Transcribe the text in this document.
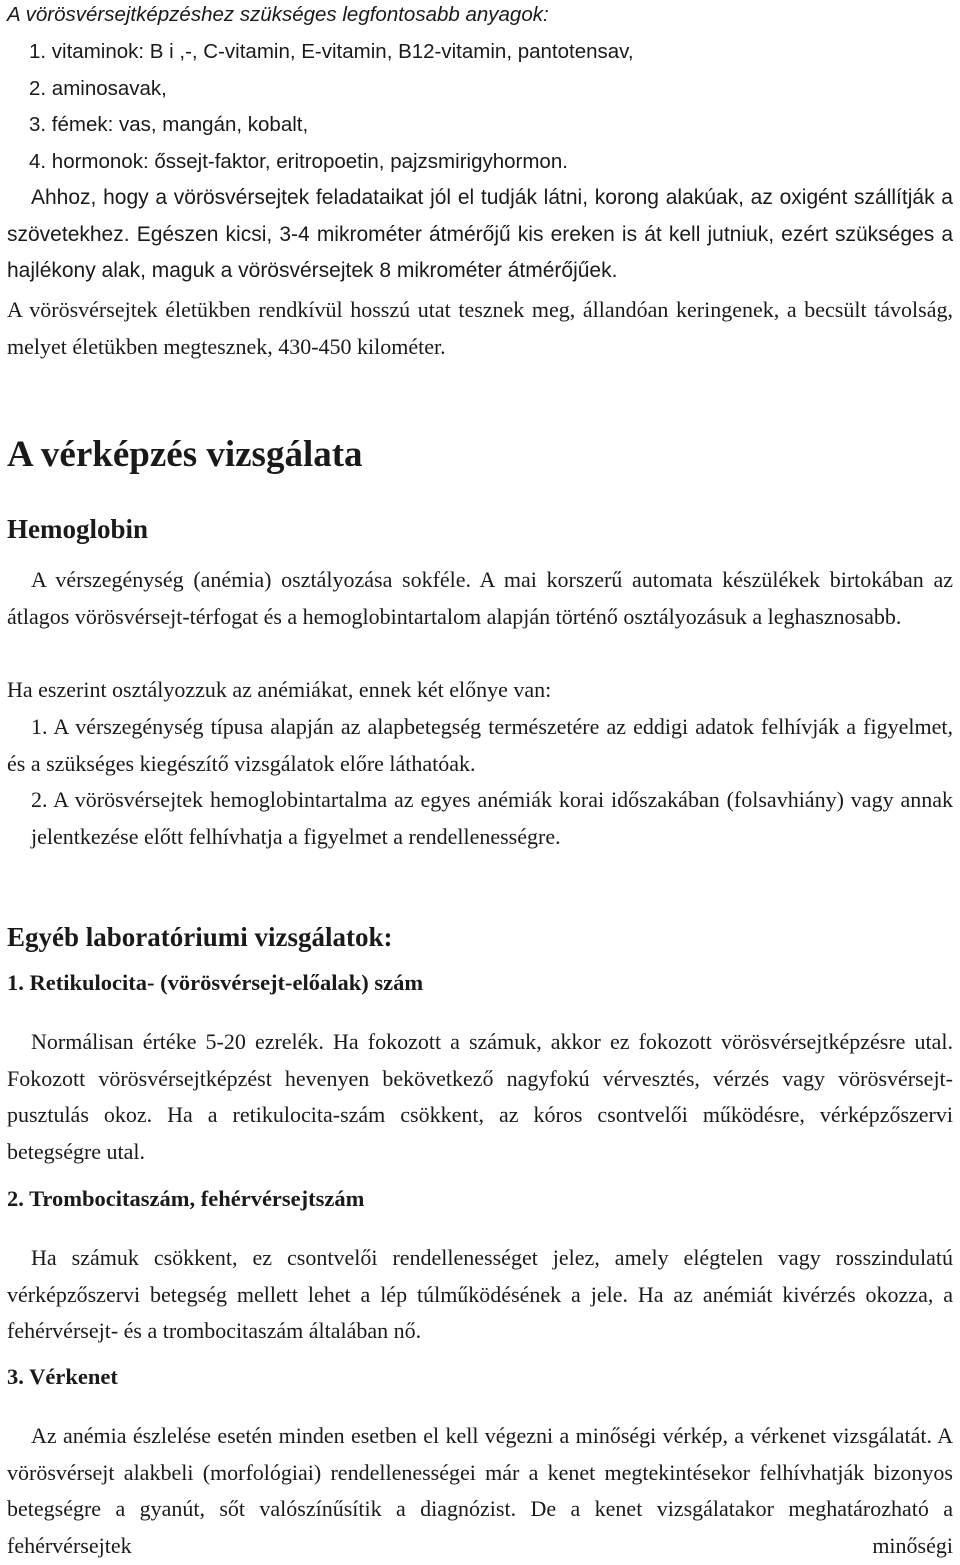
A vörösvérsejtképzéshez szükséges legfontosabb anyagok:
1. vitaminok: B i ,-, C-vitamin, E-vitamin, B12-vitamin, pantotensav,
2. aminosavak,
3. fémek: vas, mangán, kobalt,
4. hormonok: őssejt-faktor, eritropoetin, pajzsmirigyhormon.

Ahhoz, hogy a vörösvérsejtek feladataikat jól el tudják látni, korong alakúak, az oxigént szállítják a szövetekhez. Egészen kicsi, 3-4 mikrométer átmérőjű kis ereken is át kell jutniuk, ezért szükséges a hajlékony alak, maguk a vörösvérsejtek 8 mikrométer átmérőjűek.

A vörösvérsejtek életükben rendkívül hosszú utat tesznek meg, állandóan keringenek, a becsült távolság, melyet életükben megtesznek, 430-450 kilométer.

A vérképzés vizsgálata
Hemoglobin

A vérszegénység (anémia) osztályozása sokféle. A mai korszerű automata készülékek birtokában az átlagos vörösvérsejt-térfogat és a hemoglobintartalom alapján történő osztályozásuk a leghasznosabb.

Ha eszerint osztályozzuk az anémiákat, ennek két előnye van:

1. A vérszegénység típusa alapján az alapbetegség természetére az eddigi adatok felhívják a figyelmet, és a szükséges kiegészítő vizsgálatok előre láthatóak.

2. A vörösvérsejtek hemoglobintartalma az egyes anémiák korai időszakában (folsavhiány) vagy annak jelentkezése előtt felhívhatja a figyelmet a rendellenességre.

Egyéb laboratóriumi vizsgálatok:
1. Retikulocita- (vörösvérsejt-előalak) szám

Normálisan értéke 5-20 ezrelék. Ha fokozott a számuk, akkor ez fokozott vörösvérsejtképzésre utal. Fokozott vörösvérsejtképzést hevenyen bekövetkező nagyfokú vérvesztés, vérzés vagy vörösvérsejt-pusztulás okoz. Ha a retikulocita-szám csökkent, az kóros csontvelői működésre, vérképzőszervi betegségre utal.

2. Trombocitaszám, fehérvérsejtszám

Ha számuk csökkent, ez csontvelői rendellenességet jelez, amely elégtelen vagy rosszindulatú vérképzőszervi betegség mellett lehet a lép túlműködésének a jele. Ha az anémiát kivérzés okozza, a fehérvérsejt- és a trombocitaszám általában nő.

3. Vérkenet

Az anémia észlelése esetén minden esetben el kell végezni a minőségi vérkép, a vérkenet vizsgálatát. A vörösvérsejt alakbeli (morfológiai) rendellenességei már a kenet megtekintésekor felhívhatják bizonyos betegségre a gyanút, sőt valószínűsítik a diagnózist. De a kenet vizsgálatakor meghatározható a fehérvérsejtek minőségi
